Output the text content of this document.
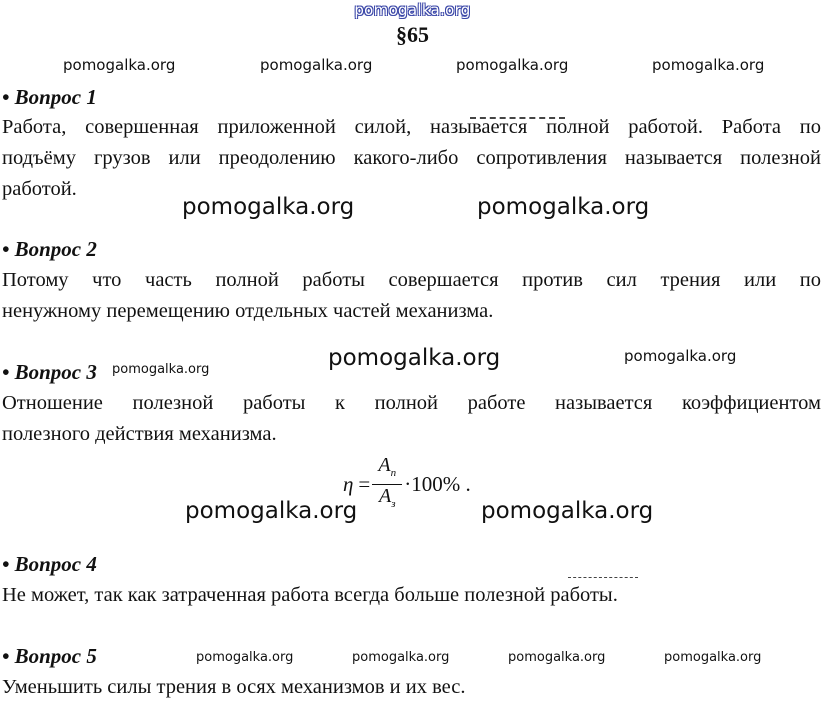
pomogalka.org
§65
pomogalka.org	pomogalka.org	pomogalka.org	pomogalka.org
• Вопрос 1
Работа, совершенная приложенной силой, называется полной работой. Работа по
подъёму грузов или преодолению какого-либо сопротивления называется полезной
работой.
pomogalka.org	pomogalka.org
• Вопрос 2
Потому что часть полной работы совершается против сил трения или по
ненужному перемещению отдельных частей механизма.
• Вопрос 3 pomogalka.org	pomogalka.org	pomogalka.org
Отношение полезной работы к полной работе называется коэффициентом
полезного действия механизма.
$\eta = \frac{A_п}{A_з} \cdot 100\%$ .
pomogalka.org	pomogalka.org
• Вопрос 4
Не может, так как затраченная работа всегда больше полезной работы.
• Вопрос 5	pomogalka.org	pomogalka.org	pomogalka.org	pomogalka.org
Уменьшить силы трения в осях механизмов и их вес.
